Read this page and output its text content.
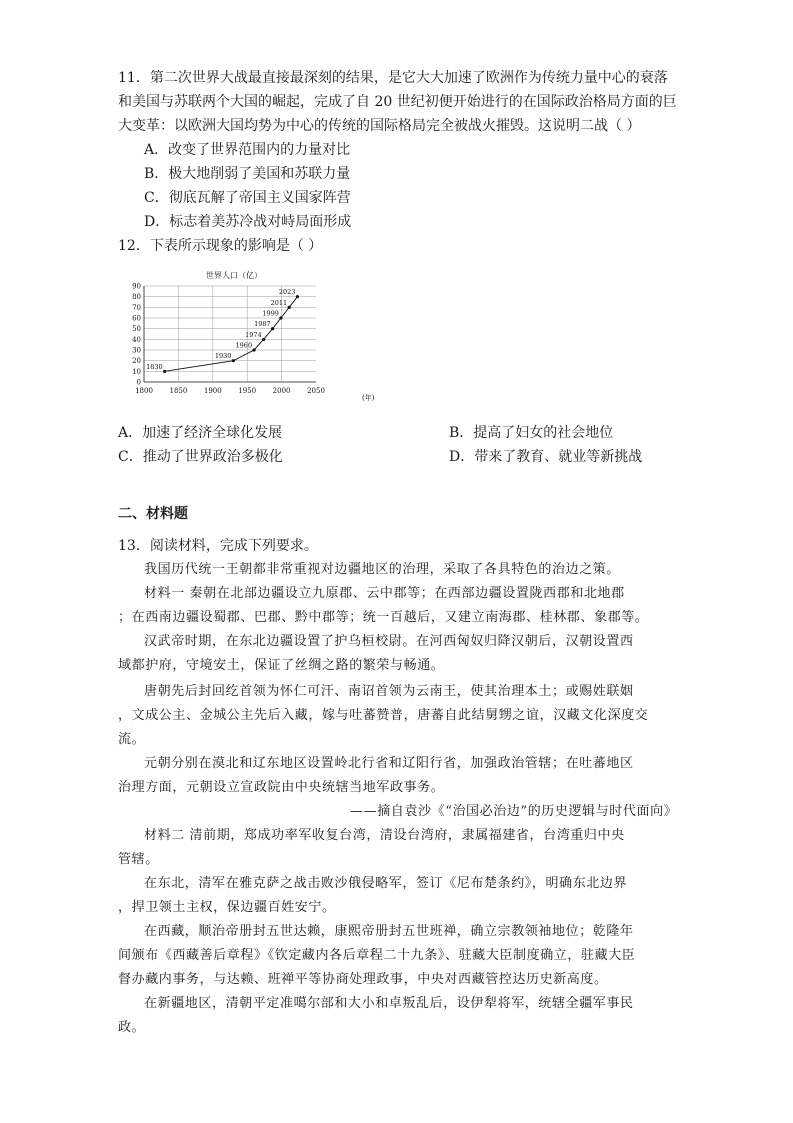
11．第二次世界大战最直接最深刻的结果，是它大大加速了欧洲作为传统力量中心的衰落
和美国与苏联两个大国的崛起，完成了自 20 世纪初便开始进行的在国际政治格局方面的巨
大变革：以欧洲大国均势为中心的传统的国际格局完全被战火摧毁。这说明二战（ ）
A．改变了世界范围内的力量对比
B．极大地削弱了美国和苏联力量
C．彻底瓦解了帝国主义国家阵营
D．标志着美苏冷战对峙局面形成
12．下表所示现象的影响是（ ）
0
10
20
30
40
50
60
70
80
90
1800 1850 1900 1950 2000 2050
1830
1930
1960
1974
1987
1999
2011
2023
世界人口（亿）
(年)
A．加速了经济全球化发展	B．提高了妇女的社会地位
C．推动了世界政治多极化	D．带来了教育、就业等新挑战
二、材料题
13．阅读材料，完成下列要求。
我国历代统一王朝都非常重视对边疆地区的治理，采取了各具特色的治边之策。
材料一 秦朝在北部边疆设立九原郡、云中郡等；在西部边疆设置陇西郡和北地郡
；在西南边疆设蜀郡、巴郡、黔中郡等；统一百越后，又建立南海郡、桂林郡、象郡等。
汉武帝时期，在东北边疆设置了护乌桓校尉。在河西匈奴归降汉朝后，汉朝设置西
域都护府，守境安土，保证了丝绸之路的繁荣与畅通。
唐朝先后封回纥首领为怀仁可汗、南诏首领为云南王，使其治理本土；或赐姓联姻
，文成公主、金城公主先后入藏，嫁与吐蕃赞普，唐蕃自此结舅甥之谊，汉藏文化深度交
流。
元朝分别在漠北和辽东地区设置岭北行省和辽阳行省，加强政治管辖；在吐蕃地区
治理方面，元朝设立宣政院由中央统辖当地军政事务。
——摘自袁沙《“治国必治边”的历史逻辑与时代面向》
材料二 清前期，郑成功率军收复台湾，清设台湾府，隶属福建省，台湾重归中央
管辖。
在东北，清军在雅克萨之战击败沙俄侵略军，签订《尼布楚条约》，明确东北边界
，捍卫领土主权，保边疆百姓安宁。
在西藏，顺治帝册封五世达赖，康熙帝册封五世班禅，确立宗教领袖地位；乾隆年
间颁布《西藏善后章程》《钦定藏内各后章程二十九条》、驻藏大臣制度确立，驻藏大臣
督办藏内事务，与达赖、班禅平等协商处理政事，中央对西藏管控达历史新高度。
在新疆地区，清朝平定准噶尔部和大小和卓叛乱后，设伊犁将军，统辖全疆军事民
政。
